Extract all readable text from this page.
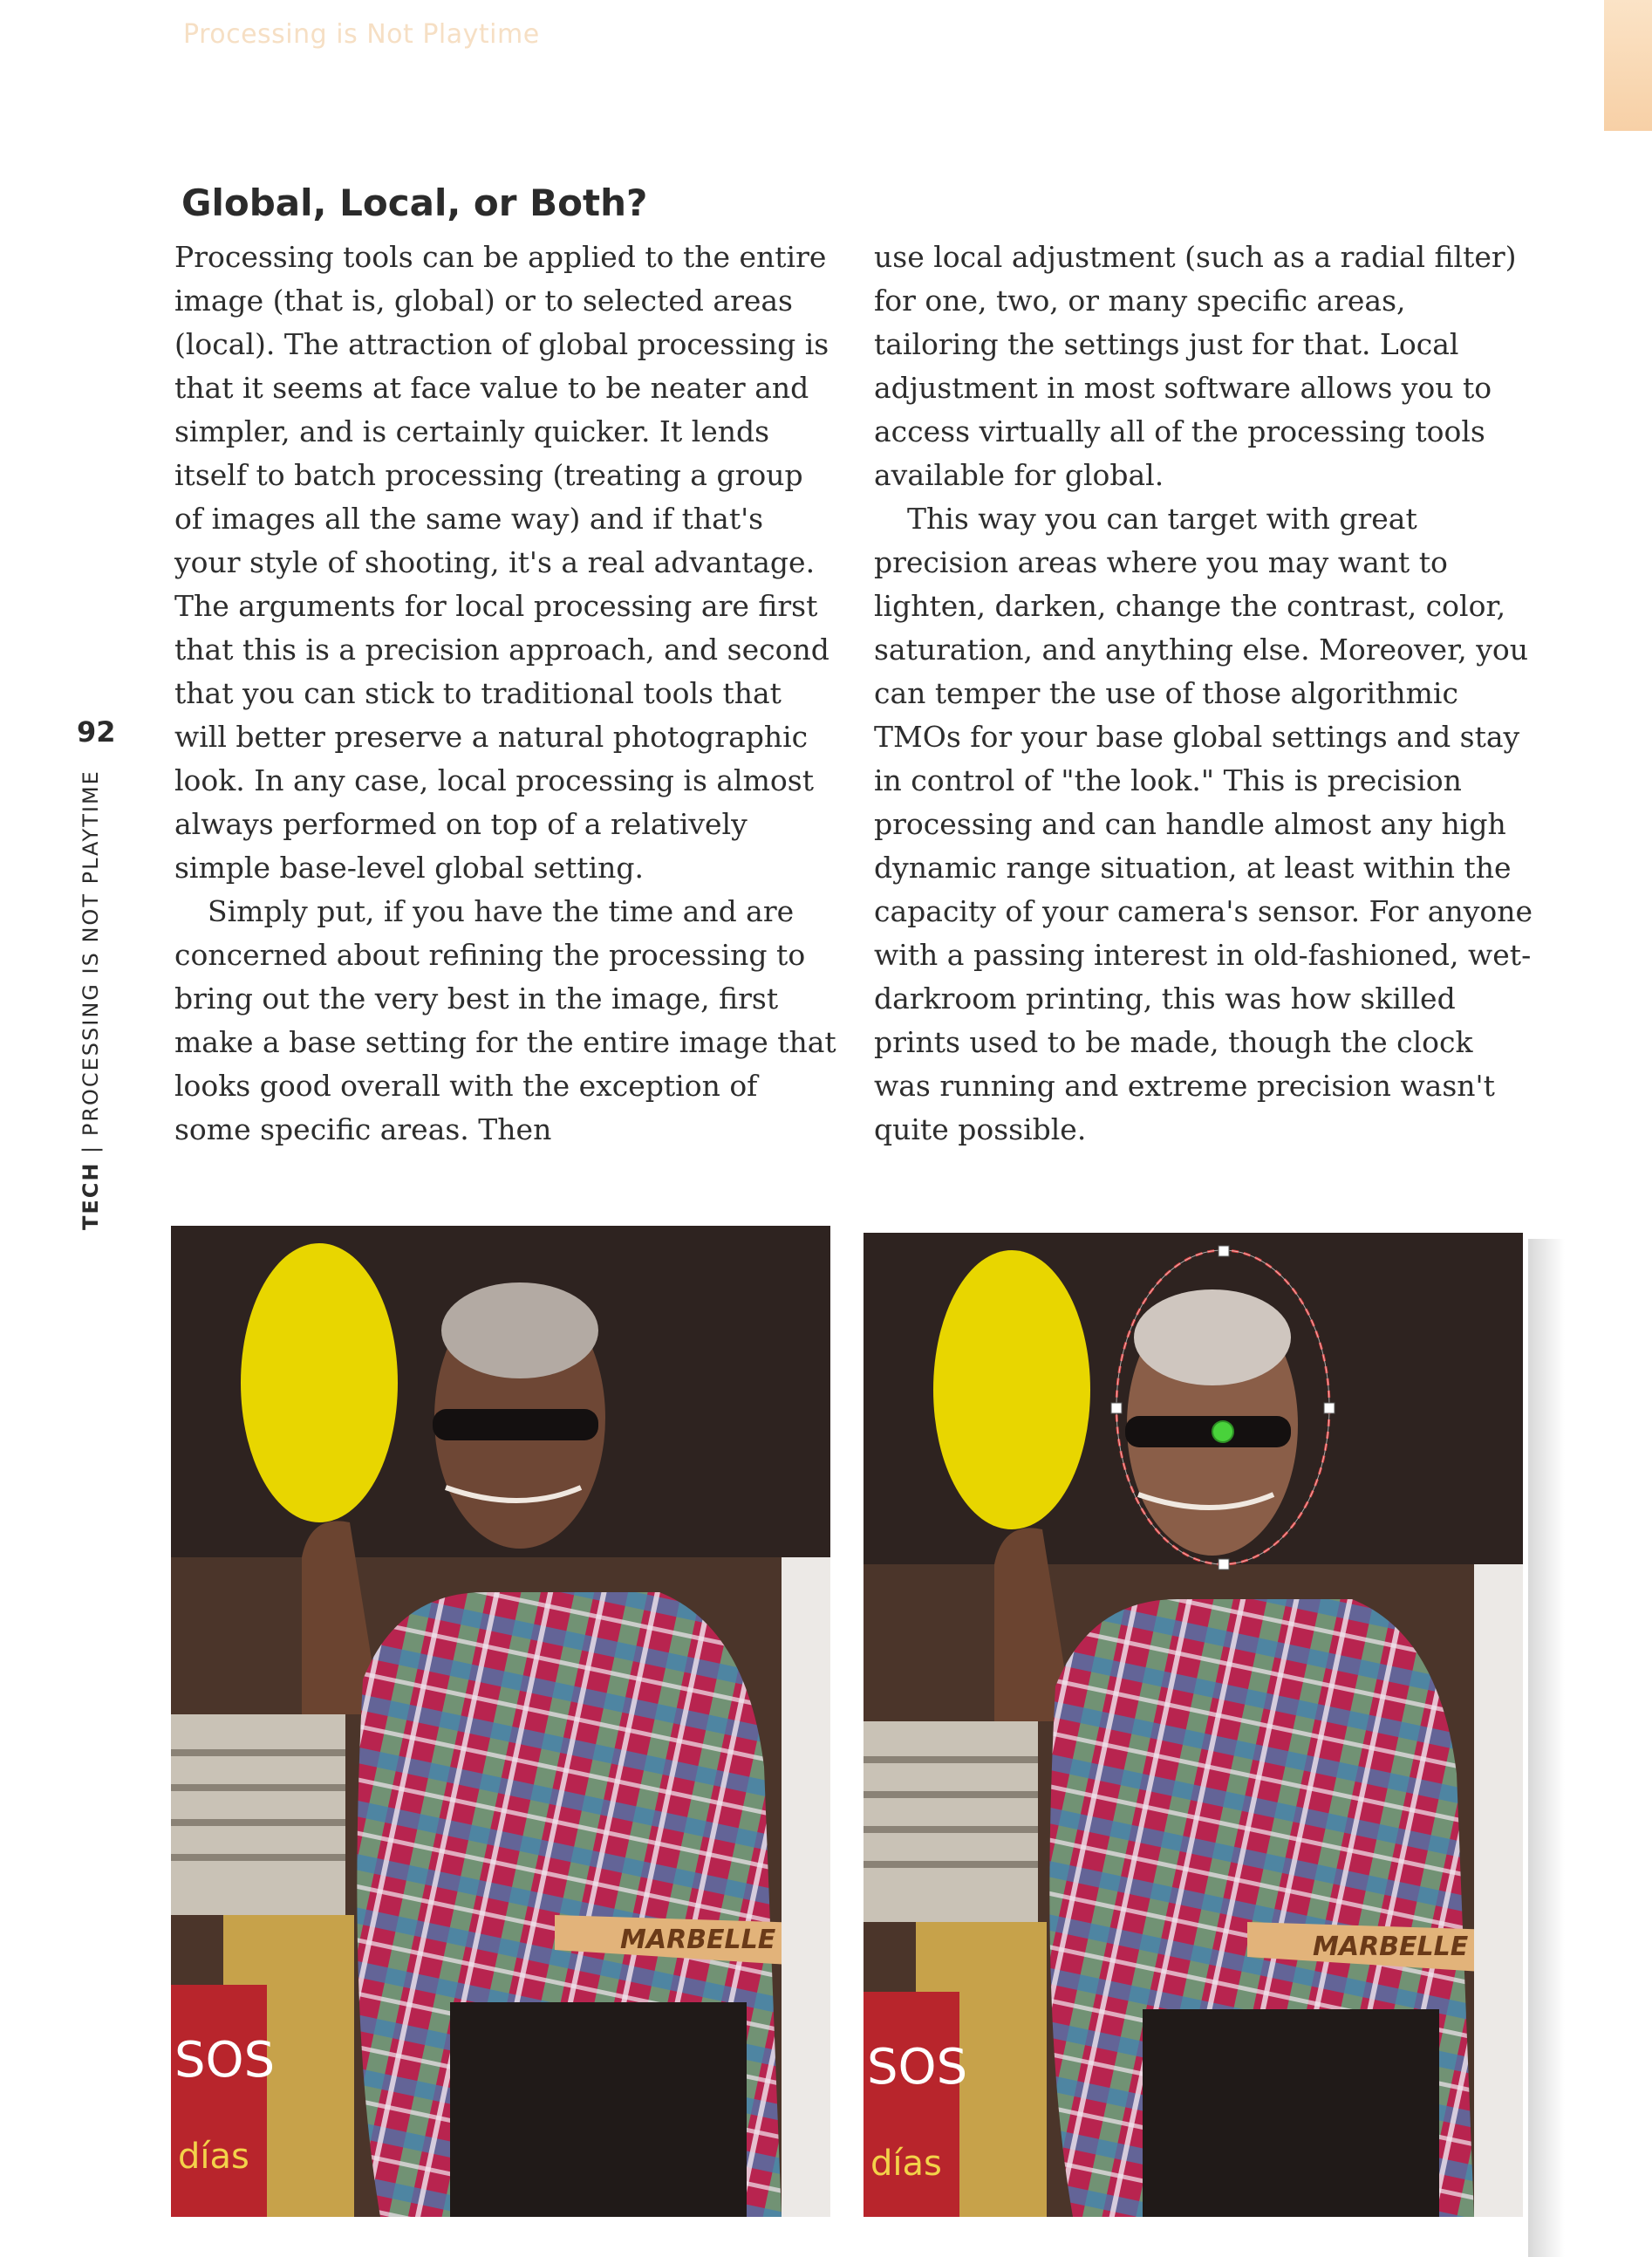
Processing is Not Playtime
Global, Local, or Both?

Processing tools can be applied to the entire image (that is, global) or to selected areas (local). The attraction of global processing is that it seems at face value to be neater and simpler, and is certainly quicker. It lends itself to batch processing (treating a group of images all the same way) and if that's your style of shooting, it's a real advantage. The arguments for local processing are first that this is a precision approach, and second that you can stick to traditional tools that will better preserve a natural photographic look. In any case, local processing is almost always performed on top of a relatively simple base-level global setting.

Simply put, if you have the time and are concerned about refining the processing to bring out the very best in the image, first make a base setting for the entire image that looks good overall with the exception of some specific areas. Then

use local adjustment (such as a radial filter) for one, two, or many specific areas, tailoring the settings just for that. Local adjustment in most software allows you to access virtually all of the processing tools available for global.

This way you can target with great precision areas where you may want to lighten, darken, change the contrast, color, saturation, and anything else. Moreover, you can temper the use of those algorithmic TMOs for your base global settings and stay in control of "the look." This is precision processing and can handle almost any high dynamic range situation, at least within the capacity of your camera's sensor. For anyone with a passing interest in old-fashioned, wet-darkroom printing, this was how skilled prints used to be made, though the clock was running and extreme precision wasn't quite possible.

92
TECH | PROCESSING IS NOT PLAYTIME
SOS
días
MARBELLE
SOS
días
MARBELLE
